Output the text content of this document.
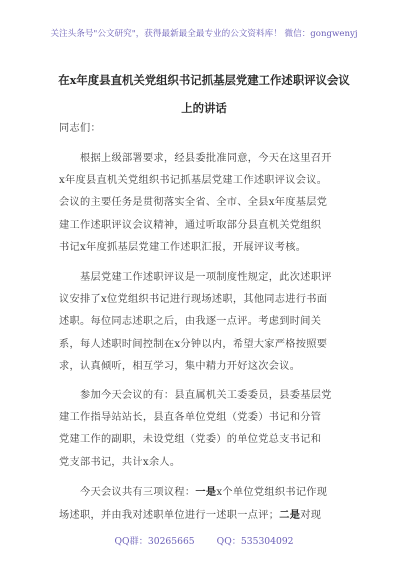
关注头条号"公文研究"，获得最新最全最专业的公文资料库！ 微信：gongwenyj
在x年度县直机关党组织书记抓基层党建工作述职评议会议
上的讲话
同志们：
根据上级部署要求，经县委批准同意，今天在这里召开
x年度县直机关党组织书记抓基层党建工作述职评议会议。
会议的主要任务是贯彻落实全省、全市、全县x年度基层党
建工作述职评议会议精神，通过听取部分县直机关党组织
书记x年度抓基层党建工作述职汇报，开展评议考核。
基层党建工作述职评议是一项制度性规定，此次述职评
议安排了x位党组织书记进行现场述职，其他同志进行书面
述职。每位同志述职之后，由我逐一点评。考虑到时间关
系，每人述职时间控制在x分钟以内，希望大家严格按照要
求，认真倾听，相互学习，集中精力开好这次会议。
参加今天会议的有：县直属机关工委委员，县委基层党
建工作指导站站长，县直各单位党组（党委）书记和分管
党建工作的副职，未设党组（党委）的单位党总支书记和
党支部书记，共计x余人。
今天会议共有三项议程：一是x个单位党组织书记作现
场述职，并由我对述职单位进行一述职一点评；二是对现
QQ群：30265665 QQ：535304092
